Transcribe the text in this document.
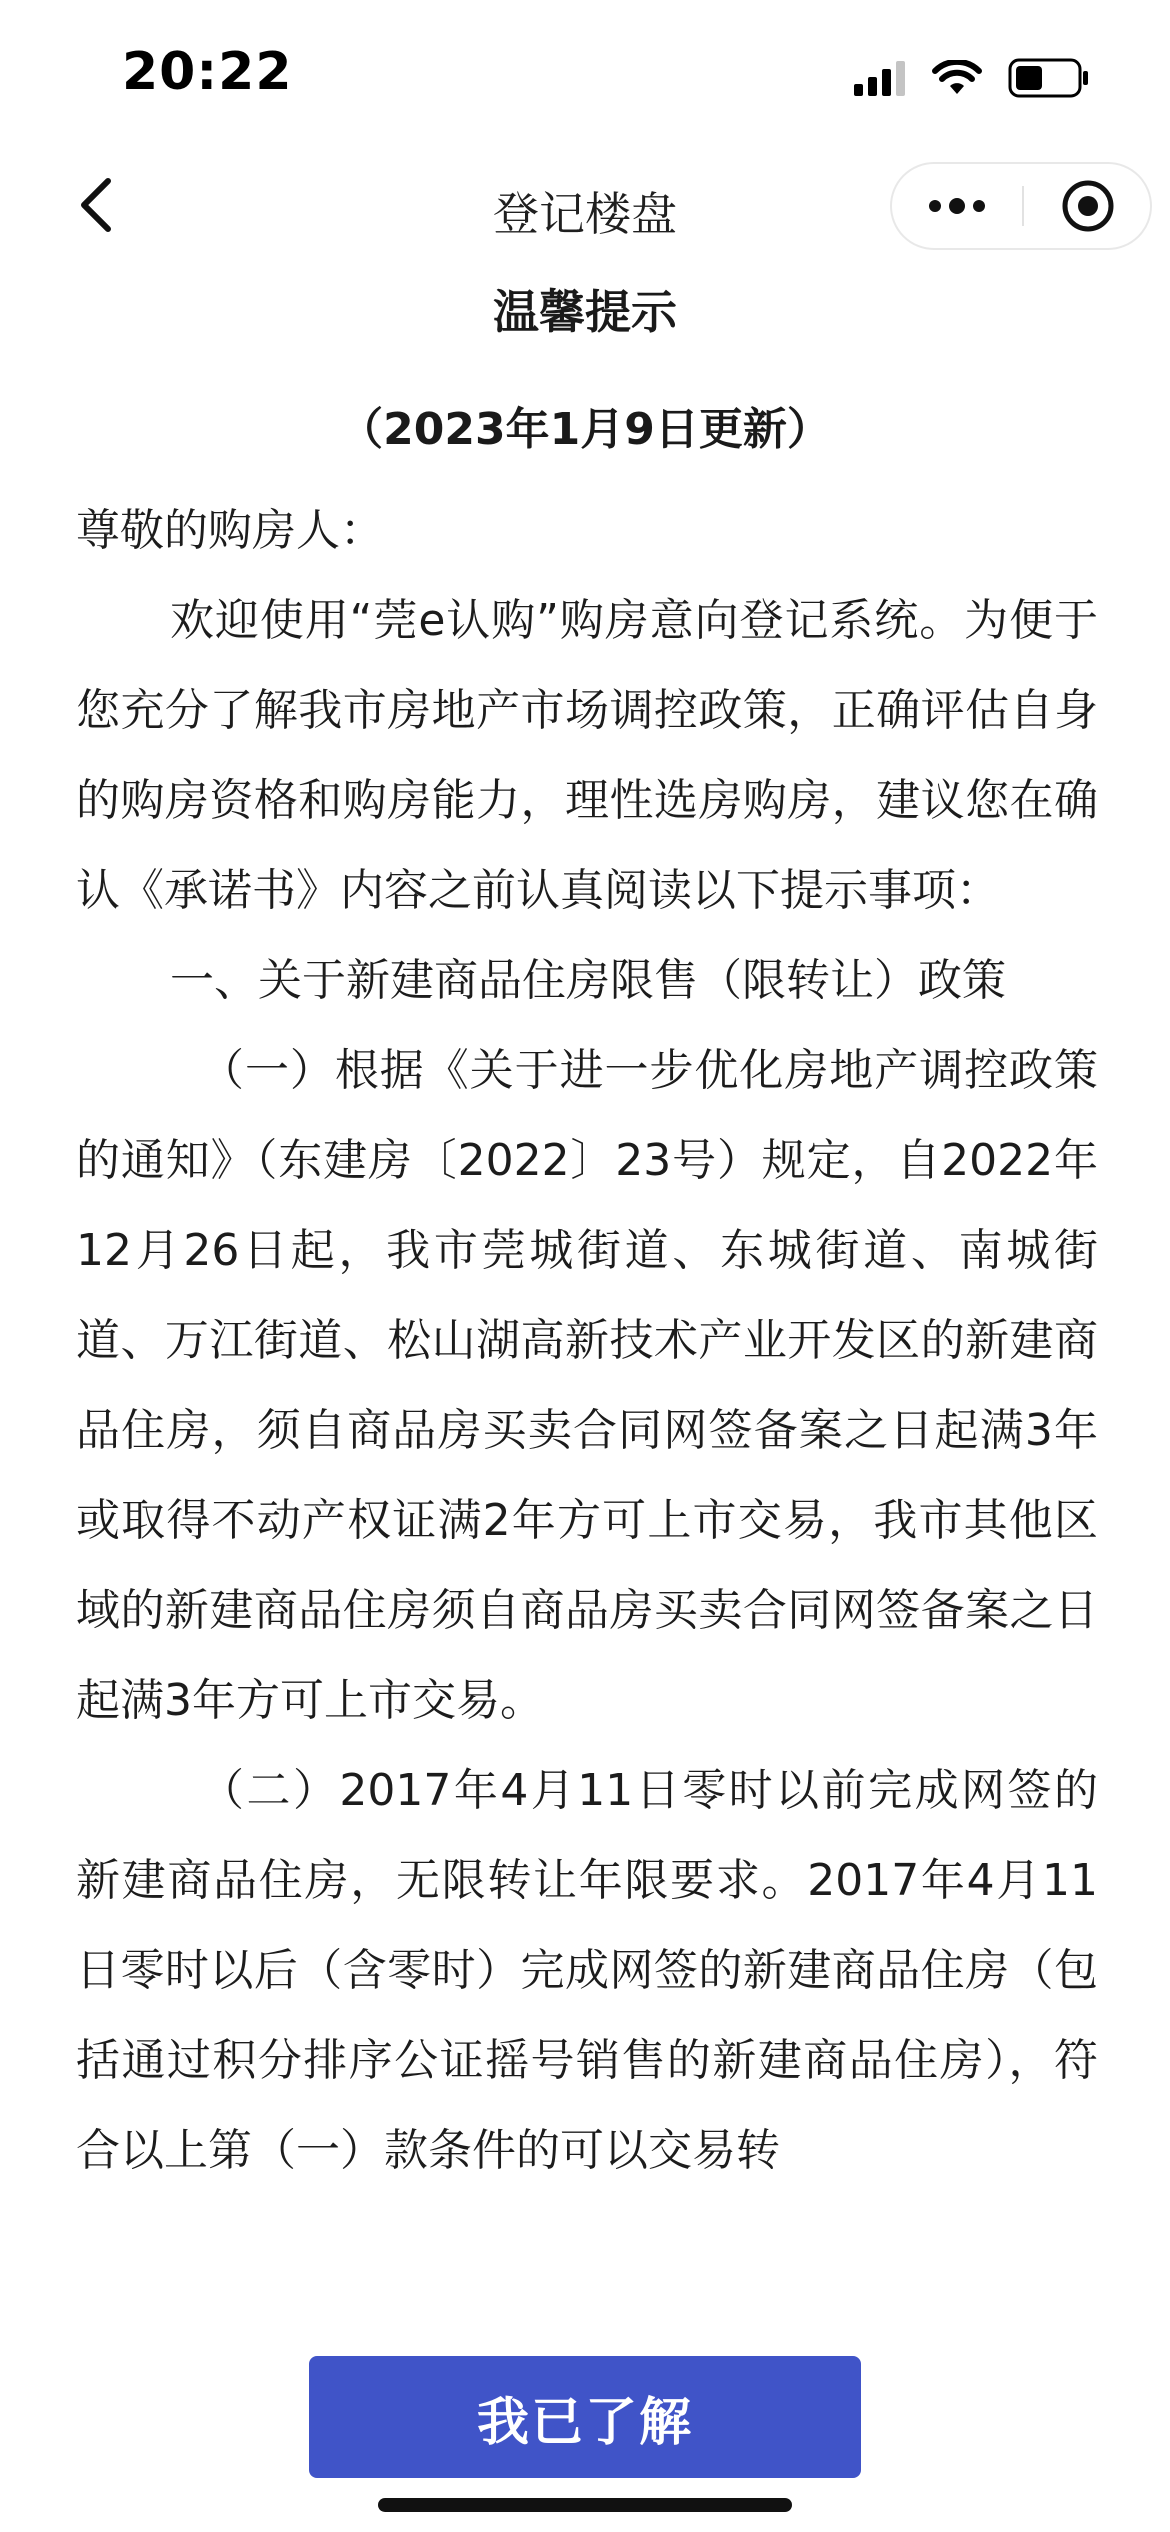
20:22
登记楼盘
温馨提示
（2023年1月9日更新）

尊敬的购房人：

欢迎使用“莞e认购”购房意向登记系统。为便于您充分了解我市房地产市场调控政策，正确评估自身的购房资格和购房能力，理性选房购房，建议您在确认《承诺书》内容之前认真阅读以下提示事项：

一、关于新建商品住房限售（限转让）政策

（一）根据《关于进一步优化房地产调控政策的通知》（东建房〔2022〕23号）规定，自2022年12月26日起，我市莞城街道、东城街道、南城街道、万江街道、松山湖高新技术产业开发区的新建商品住房，须自商品房买卖合同网签备案之日起满3年或取得不动产权证满2年方可上市交易，我市其他区域的新建商品住房须自商品房买卖合同网签备案之日起满3年方可上市交易。

（二）2017年4月11日零时以前完成网签的新建商品住房，无限转让年限要求。2017年4月11日零时以后（含零时）完成网签的新建商品住房（包括通过积分排序公证摇号销售的新建商品住房），符合以上第（一）款条件的可以交易转

我已了解
